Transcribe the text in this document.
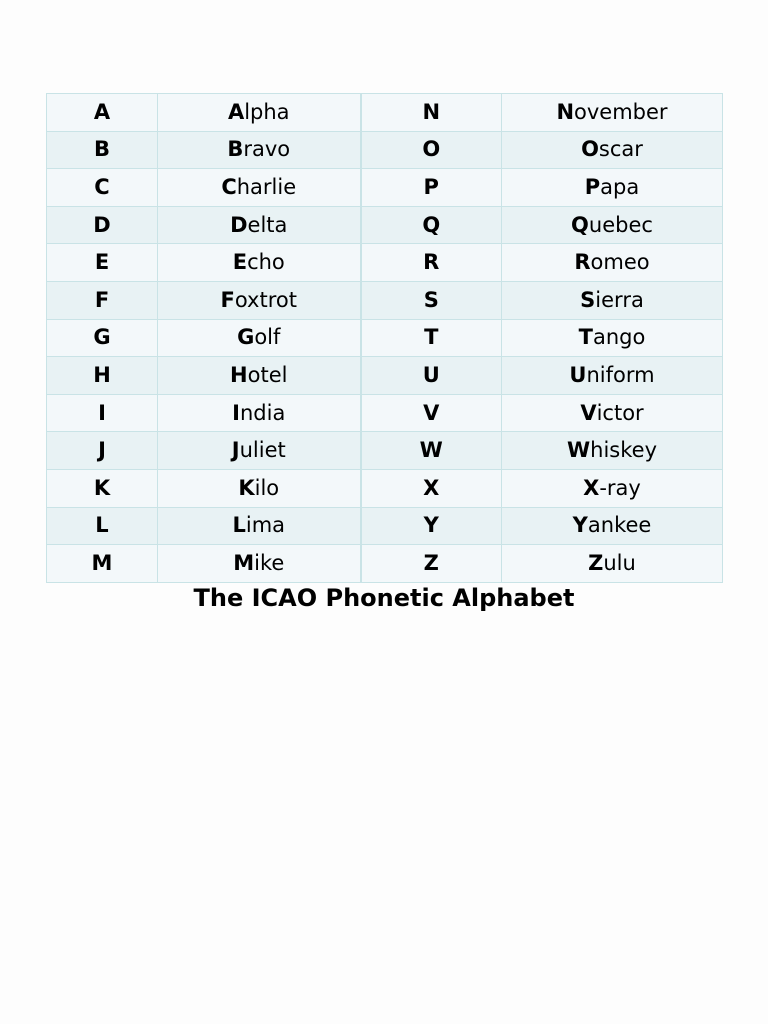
A	Alpha	N	November
B	Bravo	O	Oscar
C	Charlie	P	Papa
D	Delta	Q	Quebec
E	Echo	R	Romeo
F	Foxtrot	S	Sierra
G	Golf	T	Tango
H	Hotel	U	Uniform
I	India	V	Victor
J	Juliet	W	Whiskey
K	Kilo	X	X-ray
L	Lima	Y	Yankee
M	Mike	Z	Zulu
The ICAO Phonetic Alphabet
